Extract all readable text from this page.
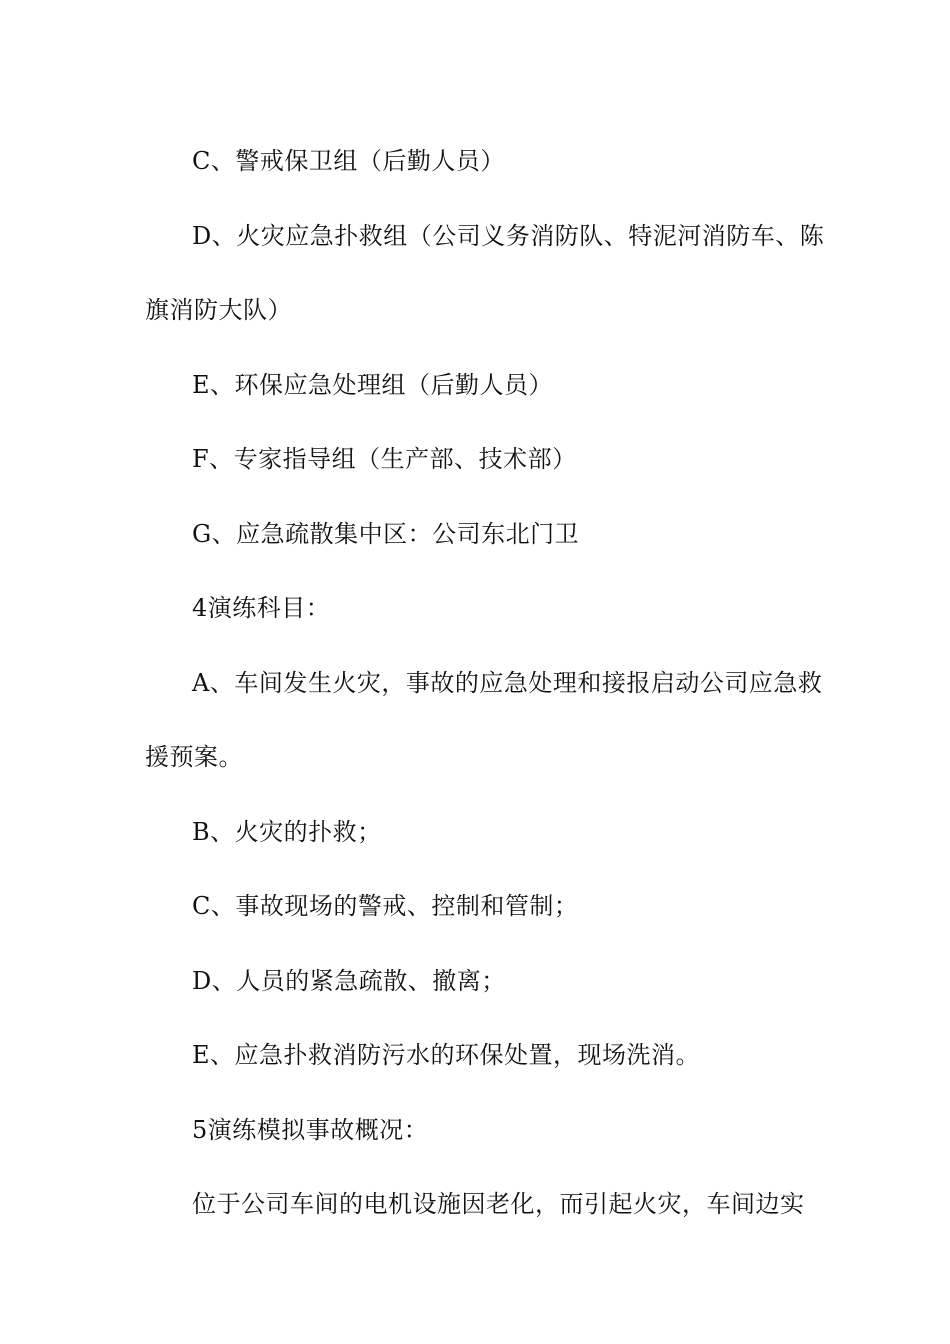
C、警戒保卫组（后勤人员）

D、火灾应急扑救组（公司义务消防队、特泥河消防车、陈

旗消防大队）

E、环保应急处理组（后勤人员）

F、专家指导组（生产部、技术部）

G、应急疏散集中区：公司东北门卫

4演练科目：

A、车间发生火灾，事故的应急处理和接报启动公司应急救

援预案。

B、火灾的扑救；

C、事故现场的警戒、控制和管制；

D、人员的紧急疏散、撤离；

E、应急扑救消防污水的环保处置，现场洗消。

5演练模拟事故概况：

位于公司车间的电机设施因老化，而引起火灾，车间边实
